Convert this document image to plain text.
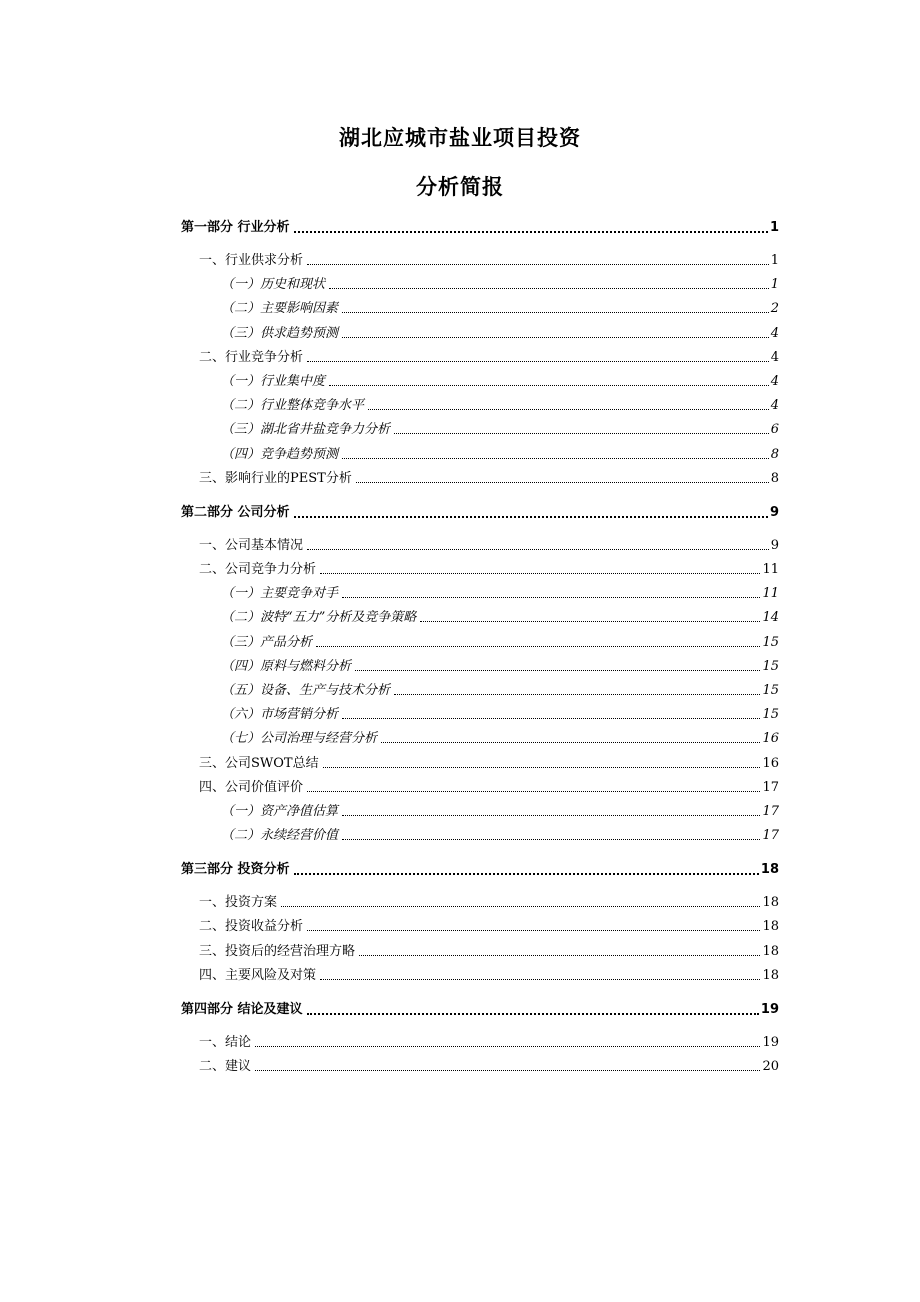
湖北应城市盐业项目投资
分析简报
第一部分 行业分析	1
一、行业供求分析	1
（一）历史和现状	1
（二）主要影响因素	2
（三）供求趋势预测	4
二、行业竞争分析	4
（一）行业集中度	4
（二）行业整体竞争水平	4
（三）湖北省井盐竞争力分析	6
（四）竞争趋势预测	8
三、影响行业的PEST分析	8
第二部分 公司分析	9
一、公司基本情况	9
二、公司竞争力分析	11
（一）主要竞争对手	11
（二）波特“五力”分析及竞争策略	14
（三）产品分析	15
（四）原料与燃料分析	15
（五）设备、生产与技术分析	15
（六）市场营销分析	15
（七）公司治理与经营分析	16
三、公司SWOT总结	16
四、公司价值评价	17
（一）资产净值估算	17
（二）永续经营价值	17
第三部分 投资分析	18
一、投资方案	18
二、投资收益分析	18
三、投资后的经营治理方略	18
四、主要风险及对策	18
第四部分 结论及建议	19
一、结论	19
二、建议	20
